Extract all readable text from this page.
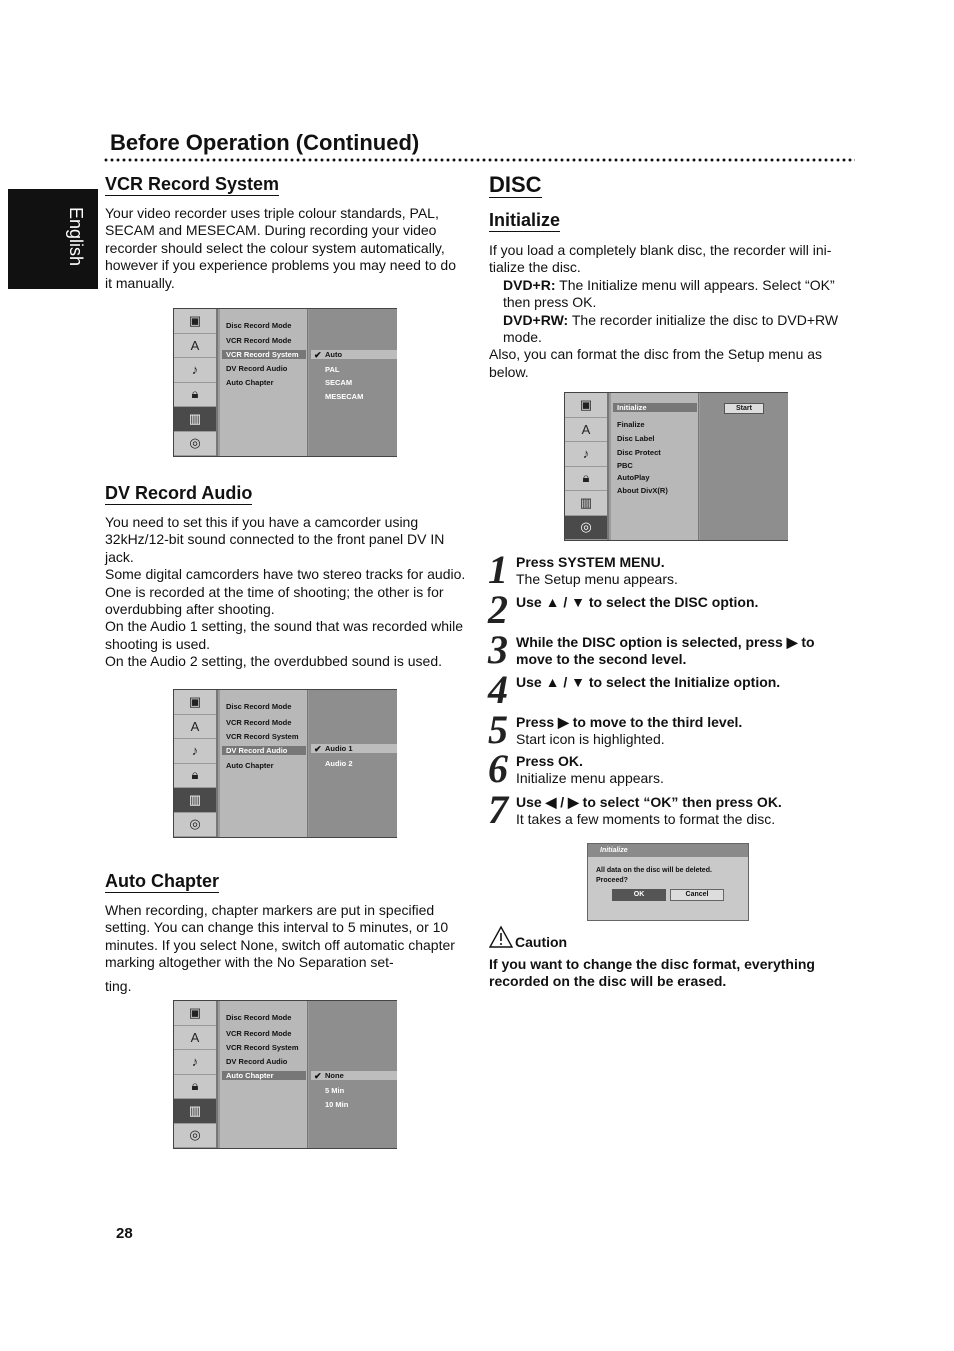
Before Operation (Continued)
English
VCR Record System
Your video recorder uses triple colour standards, PAL, SECAM and MESECAM. During recording your video recorder should select the colour system automatically, however if you experience problems you may need to do it manually.
▣
A
♪
🔒︎
▥
◎
Disc Record Mode
VCR Record Mode
VCR Record System
DV Record Audio
Auto Chapter
✔ Auto
PAL
SECAM
MESECAM
DV Record Audio

You need to set this if you have a camcorder using 32kHz/12-bit sound connected to the front panel DV IN jack.

Some digital camcorders have two stereo tracks for audio. One is recorded at the time of shooting; the other is for overdubbing after shooting.

On the Audio 1 setting, the sound that was recorded while shooting is used.

On the Audio 2 setting, the overdubbed sound is used.

▣
A
♪
🔒︎
▥
◎
Disc Record Mode
VCR Record Mode
VCR Record System
DV Record Audio
Auto Chapter
✔ Audio 1
Audio 2
Auto Chapter

When recording, chapter markers are put in specified setting. You can change this interval to 5 minutes, or 10 minutes. If you select None, switch off automatic chapter marking altogether with the No Separation set-

ting.

▣
A
♪
🔒︎
▥
◎
Disc Record Mode
VCR Record Mode
VCR Record System
DV Record Audio
Auto Chapter	✔ None
5 Min
10 Min
DISC
Initialize

If you load a completely blank disc, the recorder will ini- tialize the disc.

DVD+R: The Initialize menu will appears. Select “OK” then press OK.

DVD+RW: The recorder initialize the disc to DVD+RW mode.

Also, you can format the disc from the Setup menu as below.

▣
A
♪
🔒︎
▥
◎
Initialize
Finalize
Disc Label
Disc Protect
PBC
AutoPlay
About DivX(R)
Start
1 Press SYSTEM MENU.
The Setup menu appears.
2 Use ▲ / ▼ to select the DISC option.
3 While the DISC option is selected, press ▶ to move to the second level.
4 Use ▲ / ▼ to select the Initialize option.
5 Press ▶ to move to the third level.
Start icon is highlighted.
6 Press OK.
Initialize menu appears.
7 Use ◀ / ▶ to select “OK” then press OK.
It takes a few moments to format the disc.
Initialize
All data on the disc will be deleted.
Proceed?
OK	Cancel
Caution
If you want to change the disc format, everything recorded on the disc will be erased.
28
